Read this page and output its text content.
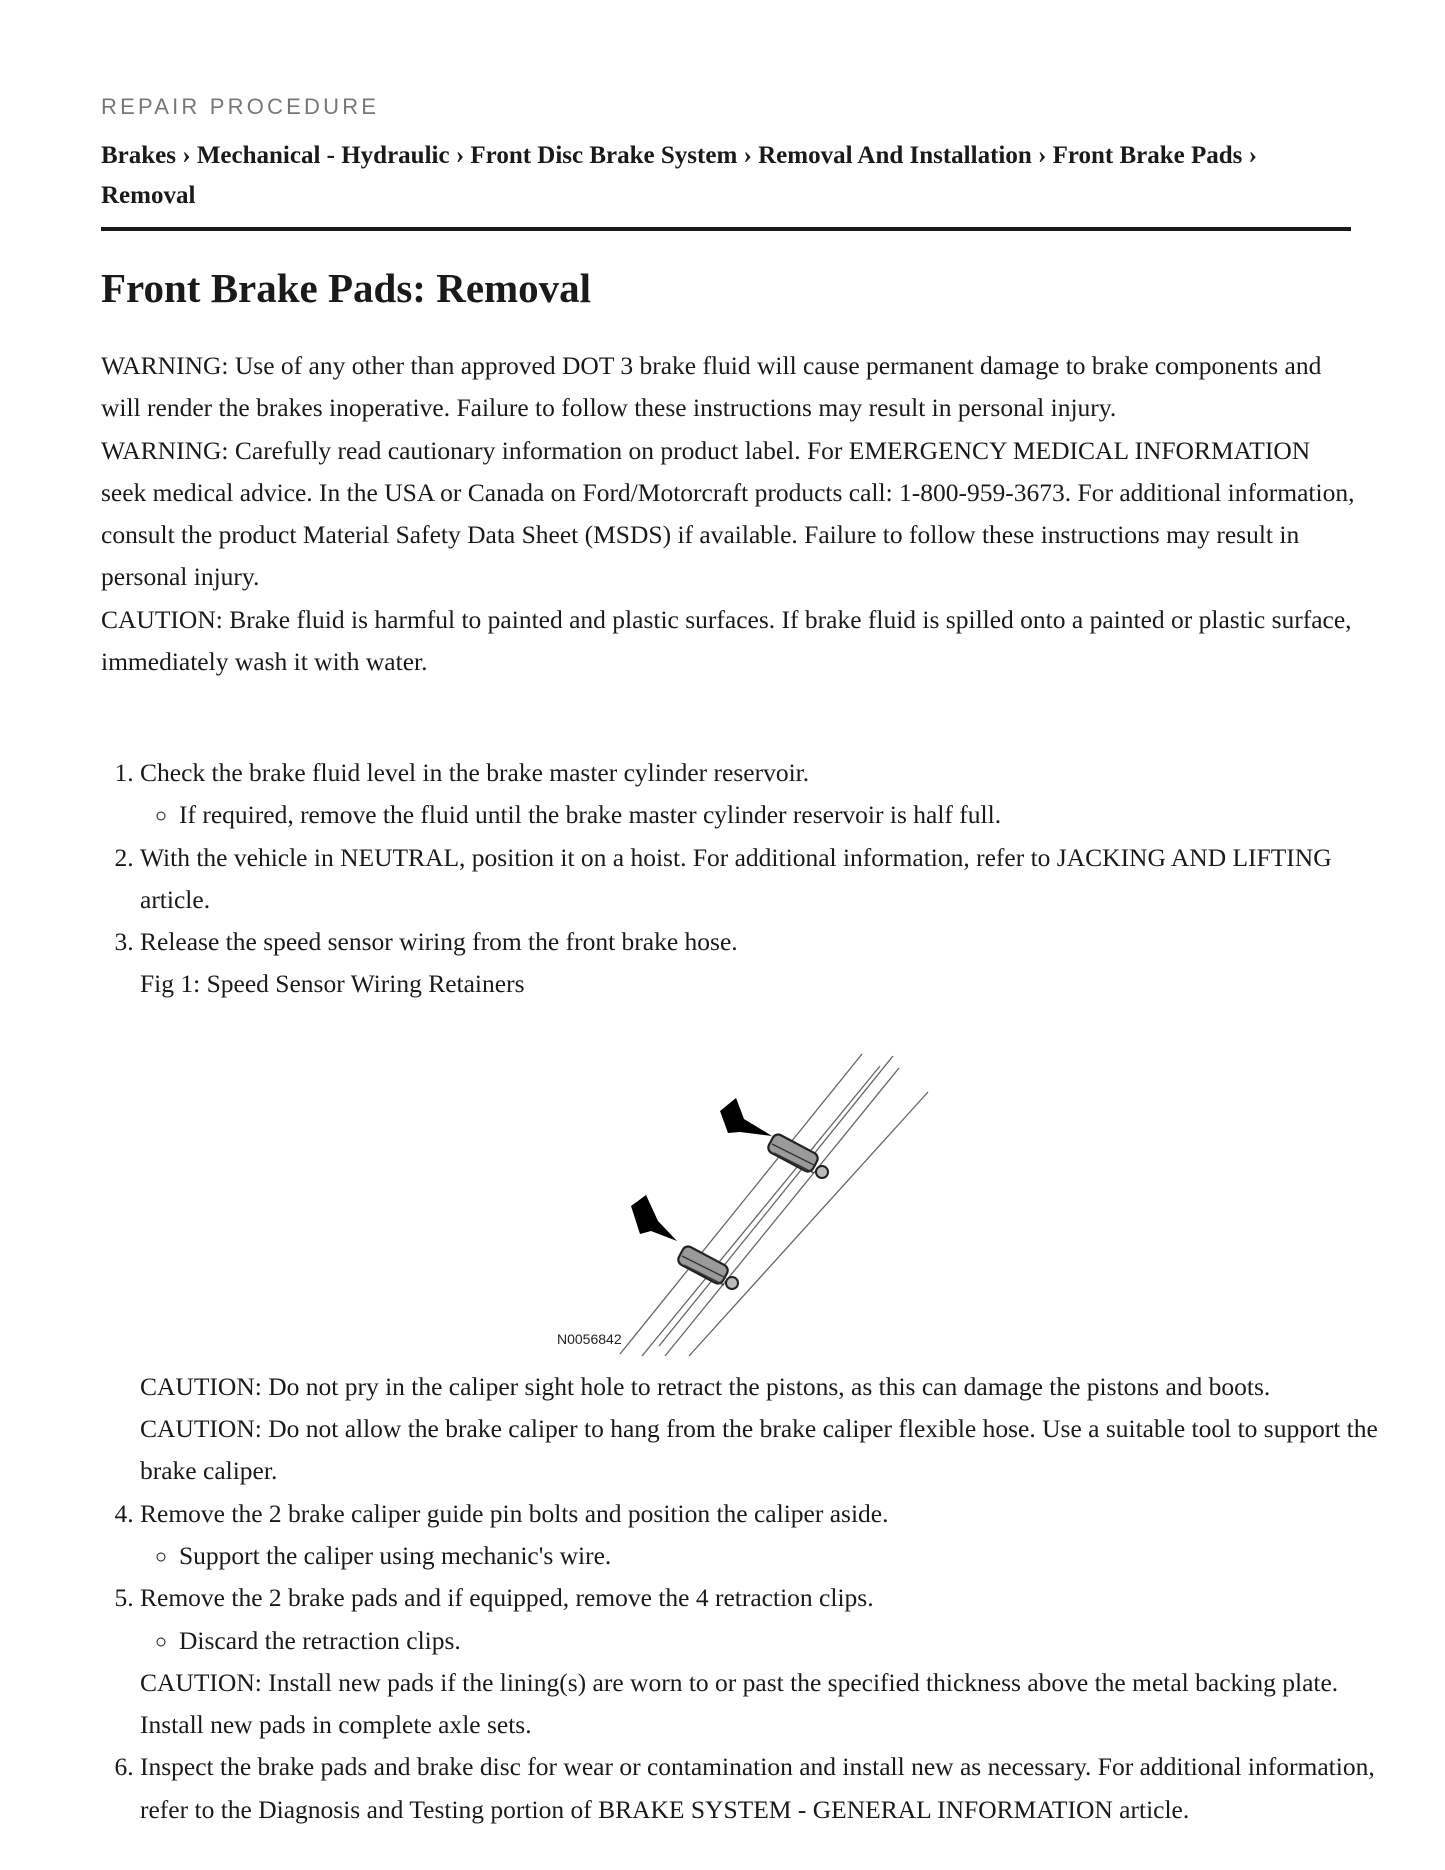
REPAIR PROCEDURE

Brakes › Mechanical - Hydraulic › Front Disc Brake System › Removal And Installation › Front Brake Pads › Removal

Front Brake Pads: Removal

WARNING: Use of any other than approved DOT 3 brake fluid will cause permanent damage to brake components and will render the brakes inoperative. Failure to follow these instructions may result in personal injury.

WARNING: Carefully read cautionary information on product label. For EMERGENCY MEDICAL INFORMATION seek medical advice. In the USA or Canada on Ford/Motorcraft products call: 1-800-959-3673. For additional information, consult the product Material Safety Data Sheet (MSDS) if available. Failure to follow these instructions may result in personal injury.

CAUTION: Brake fluid is harmful to painted and plastic surfaces. If brake fluid is spilled onto a painted or plastic surface, immediately wash it with water.

1. Check the brake fluid level in the brake master cylinder reservoir.
◦ If required, remove the fluid until the brake master cylinder reservoir is half full.
2. With the vehicle in NEUTRAL, position it on a hoist. For additional information, refer to JACKING AND LIFTING article.
3. Release the speed sensor wiring from the front brake hose.

Fig 1: Speed Sensor Wiring Retainers

N0056842

CAUTION: Do not pry in the caliper sight hole to retract the pistons, as this can damage the pistons and boots.

CAUTION: Do not allow the brake caliper to hang from the brake caliper flexible hose. Use a suitable tool to support the brake caliper.

4. Remove the 2 brake caliper guide pin bolts and position the caliper aside.
◦ Support the caliper using mechanic's wire.
5. Remove the 2 brake pads and if equipped, remove the 4 retraction clips.
◦ Discard the retraction clips.

CAUTION: Install new pads if the lining(s) are worn to or past the specified thickness above the metal backing plate. Install new pads in complete axle sets.

6. Inspect the brake pads and brake disc for wear or contamination and install new as necessary. For additional information, refer to the Diagnosis and Testing portion of BRAKE SYSTEM - GENERAL INFORMATION article.
